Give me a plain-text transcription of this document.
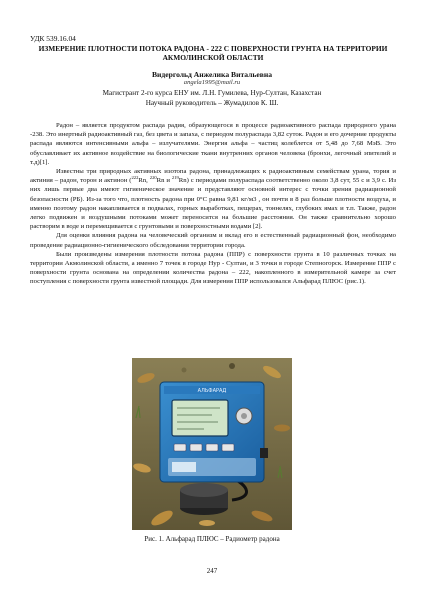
УДК 539.16.04
ИЗМЕРЕНИЕ ПЛОТНОСТИ ПОТОКА РАДОНА - 222 С ПОВЕРХНОСТИ ГРУНТА НА ТЕРРИТОРИИ АКМОЛИНСКОЙ ОБЛАСТИ
Видергольд Анжелика Витальевна
angela1995@mail.ru
Магистрант 2-го курса ЕНУ им. Л.Н. Гумилева, Нур-Султан, Казахстан
Научный руководитель – Жумадилов К. Ш.

Радон – является продуктом распада радия, образующегося в процессе радиоактивного распада природного урана -238. Это инертный радиоактивный газ, без цвета и запаха, с периодом полураспада 3,82 суток. Радон и его дочерние продукты распада являются интенсивными альфа – излучателями. Энергия альфа – частиц колеблется от 5,48 до 7,68 МэВ. Это обуславливает их активное воздействие на биологические ткани внутренних органов человека (бронхи, легочный эпителий и т.д)[1].

Известны три природных активных изотопа радона, принадлежащих к радиоактивным семействам урана, тория и актиния – радон, торон и актинон ($^{222}$Rn, $^{220}$Rn и $^{219}$Rn) с периодами полураспада соответственно около 3,8 сут, 55 с и 3,9 с. Из них лишь первые два имеют гигиеническое значение и представляют основной интерес с точки зрения радиационной безопасности (РБ). Из-за того что, плотность радона при 0°C равна 9,81 кг/м3 , он почти в 8 раз больше плотности воздуха, и именно поэтому радон накапливается в подвалах, горных выработках, пещерах, тоннелях, глубоких ямах и т.п. Также, радон легко подвижен и воздушными потоками может переносится на большие расстояния. Он также сравнительно хорошо растворим в воде и перемещивается с грунтовыми и поверхностными водами [2].

Для оценки влияния радона на человеческий организм и вклад его в естественный радиационный фон, необходимо проведение радиационно-гигиенического обследования территории города.

Были произведены измерения плотности потока радона (ППР) с поверхности грунта в 10 различных точках на территории Акмолинской области, а именно 7 точек в городе Нур - Султан, и 3 точки в городе Степногорск. Измерение ППР с поверхности грунта основана на определении количества радона – 222, накопленного в измерительной камере за счет поступления с поверхности грунта известной площади. Для измерения ППР использовался Альфарад ПЛЮС (рис.1).

АЛЬФАРАД
Рис. 1. Альфарад ПЛЮС – Радиометр радона
247
